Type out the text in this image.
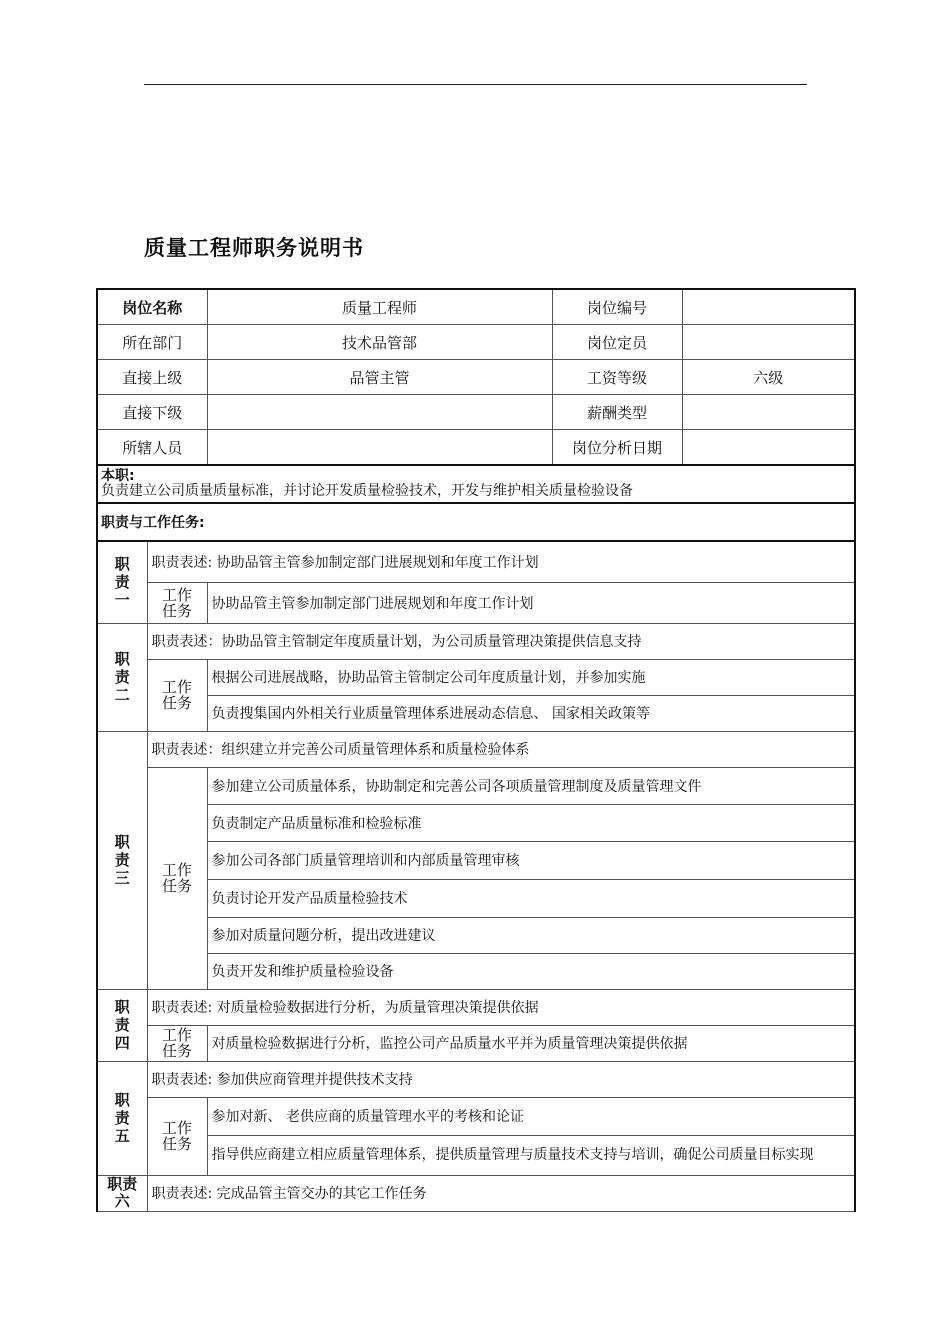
质量工程师职务说明书
岗位名称		质量工程师	岗位编号	
所在部门		技术品管部	岗位定员	
直接上级		品管主管	工资等级	六级
直接下级			薪酬类型	
所辖人员			岗位分析日期	

本职:
负责建立公司质量质量标准，并讨论开发质量检验技术，开发与维护相关质量检验设备				

职责与工作任务:				
职责一	职责表述: 协助品管主管参加制定部门进展规划和年度工作计划			
	工作任务	协助品管主管参加制定部门进展规划和年度工作计划		
职责二	职责表述：协助品管主管制定年度质量计划，为公司质量管理决策提供信息支持			
	工作任务	根据公司进展战略，协助品管主管制定公司年度质量计划，并参加实施		
		负责搜集国内外相关行业质量管理体系进展动态信息、 国家相关政策等		
职责三	职责表述：组织建立并完善公司质量管理体系和质量检验体系			
	工作任务	参加建立公司质量体系，协助制定和完善公司各项质量管理制度及质量管理文件		
		负责制定产品质量标准和检验标准		
		参加公司各部门质量管理培训和内部质量管理审核		
		负责讨论开发产品质量检验技术		
		参加对质量问题分析，提出改进建议		
		负责开发和维护质量检验设备		
职责四	职责表述: 对质量检验数据进行分析，为质量管理决策提供依据			
	工作任务	对质量检验数据进行分析，监控公司产品质量水平并为质量管理决策提供依据		
职责五	职责表述: 参加供应商管理并提供技术支持			
	工作任务	参加对新、 老供应商的质量管理水平的考核和论证		
		指导供应商建立相应质量管理体系，提供质量管理与质量技术支持与培训，确促公司质量目标实现		
职责六	职责表述: 完成品管主管交办的其它工作任务			
